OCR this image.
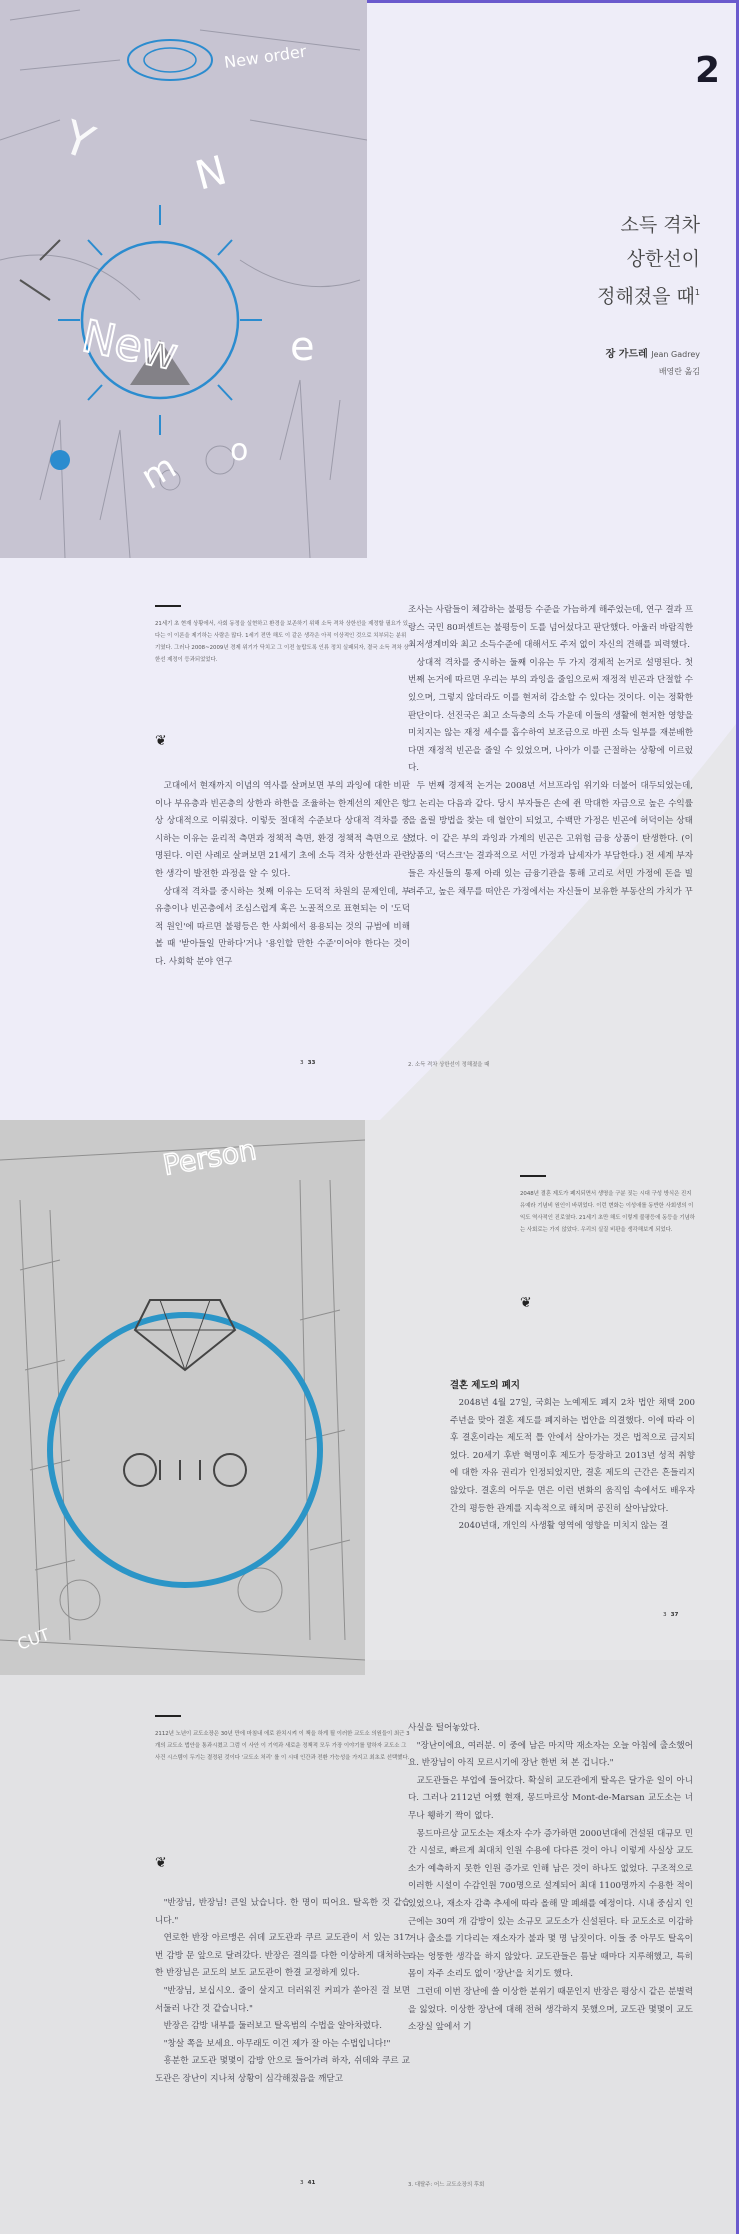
New order
Y
N
New	e
m o
2
소득 격차
상한선이
정해졌을 때$^1$
장 가드레 Jean Gadrey
배영란 옮김
21세기 초 현재 상황에서, 사회 동정을 실현하고 환경을 보존하기 위해 소득 격차 상한선을 제정할 필요가 있다는 이 이론을 제기하는 사람은 많다. 1세기 전만 해도 이 같은 생각은 아직 이상적인 것으로 치부되는 분위기였다. 그러나 2008~2009년 경제 위기가 닥치고 그 이전 놀랍도록 인류 정치 실패되자, 결국 소득 격차 상한선 제정이 등과되었었다.
❦

고대에서 현재까지 이념의 역사를 살펴보면 부의 과잉에 대한 비판이나 부유층과 빈곤층의 상한과 하한을 조율하는 한계선의 제안은 항상 상대적으로 이뤄졌다. 이렇듯 절대적 수준보다 상대적 격차를 중시하는 이유는 윤리적 측면과 정책적 측면, 환경 정책적 측면으로 설명된다. 이런 사례로 살펴보면 21세기 초에 소득 격차 상한선과 관련한 생각이 발전한 과정을 알 수 있다.

상대적 격차를 중시하는 첫째 이유는 도덕적 차원의 문제인데, 부유층이나 빈곤층에서 조심스럽게 혹은 노골적으로 표현되는 이 '도덕적 원인'에 따르면 불평등은 한 사회에서 용용되는 것의 규범에 비해볼 때 '받아들일 만하다'거나 '용인할 만한 수준'이어야 한다는 것이다. 사회학 분야 연구

3 33

조사는 사람들이 체감하는 불평등 수준을 가늠하게 해주었는데, 연구 결과 프랑스 국민 80퍼센트는 불평등이 도를 넘어섰다고 판단했다. 아울러 바람직한 최저생계비와 최고 소득수준에 대해서도 주저 없이 자신의 견해를 피력했다.

상대적 격차를 중시하는 둘째 이유는 두 가지 경제적 논거로 설명된다. 첫 번째 논거에 따르면 우리는 부의 과잉을 줄임으로써 재정적 빈곤과 단절할 수 있으며, 그렇지 않더라도 이를 현저히 감소할 수 있다는 것이다. 이는 정확한 판단이다. 선진국은 최고 소득층의 소득 가운데 이들의 생활에 현저한 영향을 미치지는 않는 재정 세수를 흡수하여 보조금으로 바뀐 소득 일부를 재분배한다면 재정적 빈곤을 줄일 수 있었으며, 나아가 이를 근절하는 상황에 이르렀다.

두 번째 경제적 논거는 2008년 서브프라임 위기와 더불어 대두되었는데, 그 논리는 다음과 같다. 당시 부자들은 손에 쥔 막대한 자금으로 높은 수익률을 올릴 방법을 찾는 데 혈안이 되었고, 수백만 가정은 빈곤에 허덕이는 상태였다. 이 같은 부의 과잉과 가계의 빈곤은 고위험 금융 상품이 탄생한다. (이 상품의 '덕스크'는 결과적으로 서민 가정과 납세자가 부담한다.) 전 세계 부자들은 자신들의 통제 아래 있는 금융기관을 통해 고리로 서민 가정에 돈을 빌려주고, 높은 채무를 떠안은 가정에서는 자신들이 보유한 부동산의 가치가 꾸

2. 소득 격차 상한선이 정해졌을 때
Person
CUT
2048년 결혼 제도가 폐지되면서 생명을 구분 짓는 시대 구성 방식은 진지 유예라 기념비 원인이 바뀌었다. 이런 변화는 이성애를 동반한 사회생의 이익도 역사적인 진로였다. 21세기 초만 해도 이렇게 불평등에 동등을 기념하는 사회로는 가지 않았다. 우리의 실질 비판을 생각해보게 되었다.
❦
결혼 제도의 폐지

2048년 4월 27일, 국회는 노예제도 폐지 2차 법안 채택 200주년을 맞아 결혼 제도를 폐지하는 법안을 의결했다. 이에 따라 이후 결혼이라는 제도적 틀 안에서 살아가는 것은 법적으로 금지되었다. 20세기 후반 혁명이후 제도가 등장하고 2013년 성적 취향에 대한 자유 권리가 인정되었지만, 결혼 제도의 근간은 흔들리지 않았다. 결혼의 어두운 면은 이런 변화의 움직임 속에서도 배우자 간의 평등한 관계를 지속적으로 해치며 공진히 살아남았다.

2040년대, 개인의 사생활 영역에 영향을 미치지 않는 결

3 37
2112년 노년이 교도소장은 30년 만에 마침내 에로 완치시켜 이 책을 하게 될 이러한 교도소 의원들이 최근 3개의 교도소 법안을 통과시켰고 그럼 이 사안 이 기억과 새로운 정책적 모두 가장 이야기를 말하자 교도소 그 사건 시스템이 두기는 결정된 것이다 '교도소 처리' 를 이 시대 인간과 전환 가능성을 가지고 최초로 선택했다.
❦

"반장님, 반장님! 큰일 났습니다. 한 명이 띠어요. 탈옥한 것 같습니다."

연로한 반장 아르맹은 쉬데 교도관과 쿠르 교도관이 서 있는 317번 감방 문 앞으로 달려갔다. 반장은 결의를 다한 이상하게 대처하는 한 반장님은 교도의 보도 교도관이 한결 교정하게 있다.

"반장님, 보십시오. 줄이 살지고 더러워진 커피가 쏟아진 걸 보면 서둘러 나간 것 같습니다."

반장은 감방 내부를 둘러보고 탈옥범의 수법을 알아차렸다.

"창살 쪽을 보세요. 아무래도 이건 제가 잘 아는 수법입니다!"

흥분한 교도관 몇몇이 감방 안으로 들어가려 하자, 쉬데와 쿠르 교도관은 장난이 지나쳐 상황이 심각해졌음을 깨닫고

사실을 털어놓았다.

"장난이에요, 여러분. 이 중에 남은 마지막 재소자는 오늘 아침에 출소했어요. 반장님이 아직 모르시기에 장난 한번 쳐 본 겁니다."

교도관들은 부업에 들어갔다. 확실히 교도관에게 탈옥은 달가운 일이 아니다. 그러나 2112년 어쨌 현재, 몽드마르상 Mont-de-Marsan 교도소는 너무나 휑하기 짝이 없다.

몽드마르상 교도소는 재소자 수가 증가하면 2000년대에 건설된 대규모 민간 시설로, 빠르게 최대치 인원 수용에 다다른 것이 아니 이렇게 사실상 교도소가 예측하지 못한 인원 증가로 인해 남은 것이 하나도 없었다. 구조적으로 이러한 시설이 수감인원 700명으로 설계되어 최대 1100명까지 수용한 적이 있었으나, 재소자 감축 추세에 따라 올해 말 폐쇄를 예정이다. 시내 중심지 인근에는 30여 개 감방이 있는 소규모 교도소가 신설된다. 타 교도소로 이감하거나 출소를 기다리는 재소자가 불과 몇 명 남짓이다. 이들 중 아무도 탈옥이라는 엉뚱한 생각을 하지 않았다. 교도관들은 틈날 때마다 지루해했고, 특히 몸이 자주 소리도 없이 '장난'을 치기도 했다.

그런데 이번 장난에 쓸 이상한 분위기 때문인지 반장은 평상시 같은 분별력을 잃었다. 이상한 장난에 대해 전혀 생각하지 못했으며, 교도관 몇몇이 교도소장실 앞에서 기

3 41	3. 대탈주: 어느 교도소장의 후회
